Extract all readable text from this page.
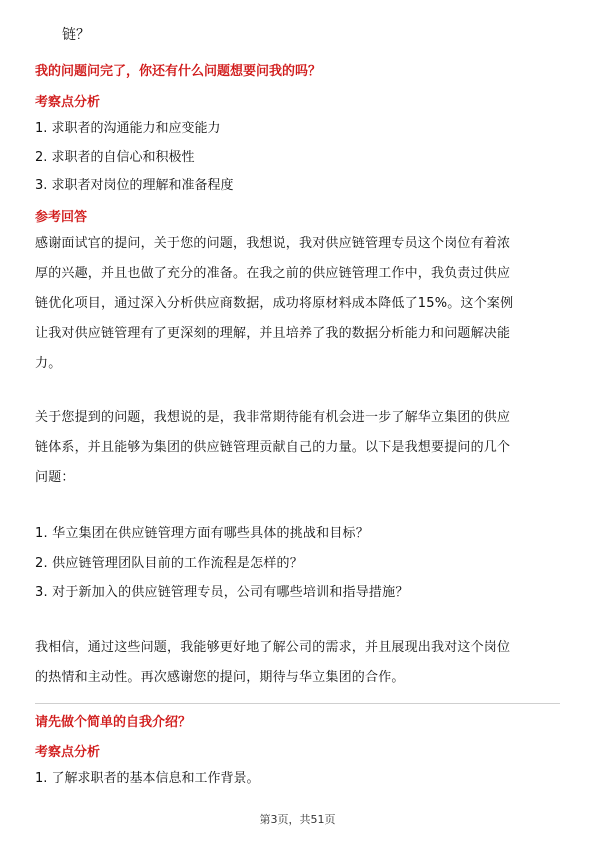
链？
我的问题问完了，你还有什么问题想要问我的吗？
考察点分析
1. 求职者的沟通能力和应变能力
2. 求职者的自信心和积极性
3. 求职者对岗位的理解和准备程度
参考回答
感谢面试官的提问，关于您的问题，我想说，我对供应链管理专员这个岗位有着浓
厚的兴趣，并且也做了充分的准备。在我之前的供应链管理工作中，我负责过供应
链优化项目，通过深入分析供应商数据，成功将原材料成本降低了15%。这个案例
让我对供应链管理有了更深刻的理解，并且培养了我的数据分析能力和问题解决能
力。
关于您提到的问题，我想说的是，我非常期待能有机会进一步了解华立集团的供应
链体系，并且能够为集团的供应链管理贡献自己的力量。以下是我想要提问的几个
问题：
1. 华立集团在供应链管理方面有哪些具体的挑战和目标？
2. 供应链管理团队目前的工作流程是怎样的？
3. 对于新加入的供应链管理专员，公司有哪些培训和指导措施？
我相信，通过这些问题，我能够更好地了解公司的需求，并且展现出我对这个岗位
的热情和主动性。再次感谢您的提问，期待与华立集团的合作。
请先做个简单的自我介绍？
考察点分析
1. 了解求职者的基本信息和工作背景。
第3页，共51页
